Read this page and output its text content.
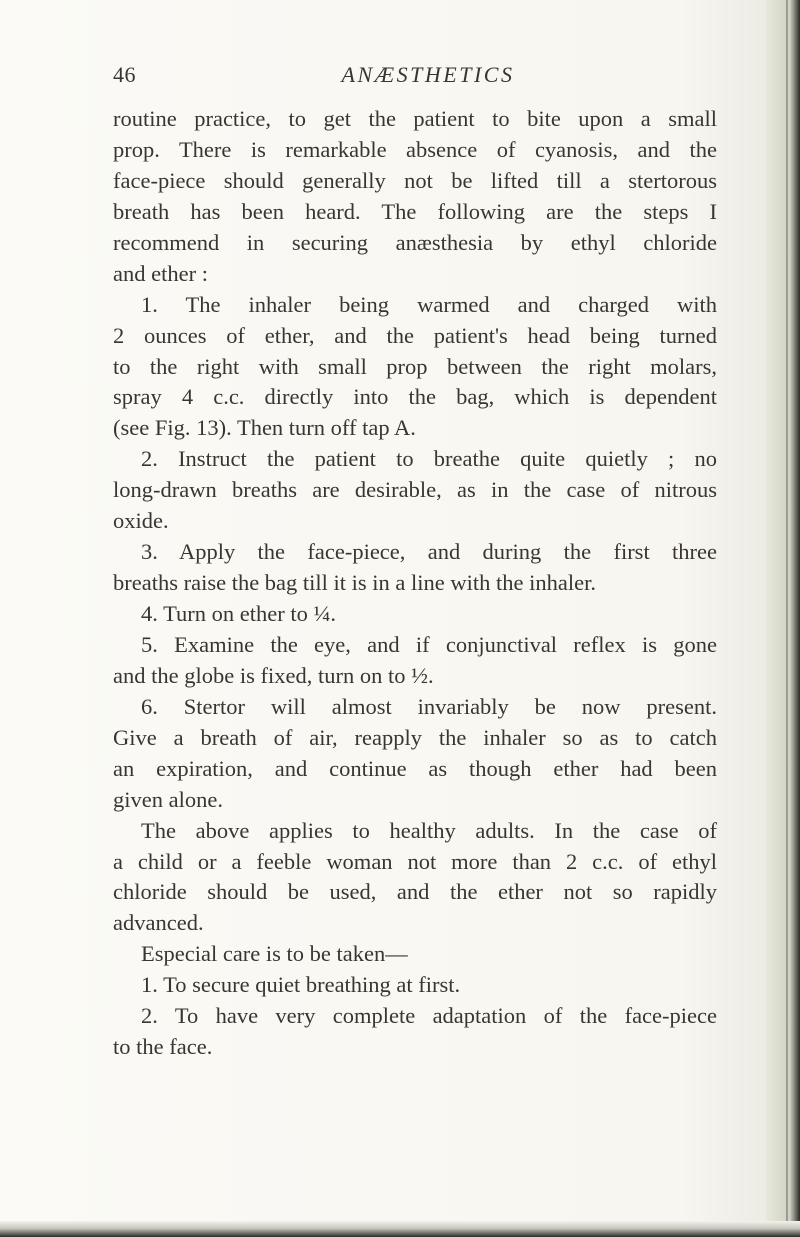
46	ANÆSTHETICS
routine practice, to get the patient to bite upon a small
prop. There is remarkable absence of cyanosis, and the
face-piece should generally not be lifted till a stertorous
breath has been heard. The following are the steps I
recommend in securing anæsthesia by ethyl chloride
and ether :
1. The inhaler being warmed and charged with
2 ounces of ether, and the patient's head being turned
to the right with small prop between the right molars,
spray 4 c.c. directly into the bag, which is dependent
(see Fig. 13). Then turn off tap A.
2. Instruct the patient to breathe quite quietly ; no
long-drawn breaths are desirable, as in the case of nitrous
oxide.
3. Apply the face-piece, and during the first three
breaths raise the bag till it is in a line with the inhaler.
4. Turn on ether to ¼.
5. Examine the eye, and if conjunctival reflex is gone
and the globe is fixed, turn on to ½.
6. Stertor will almost invariably be now present.
Give a breath of air, reapply the inhaler so as to catch
an expiration, and continue as though ether had been
given alone.
The above applies to healthy adults. In the case of
a child or a feeble woman not more than 2 c.c. of ethyl
chloride should be used, and the ether not so rapidly
advanced.
Especial care is to be taken—
1. To secure quiet breathing at first.
2. To have very complete adaptation of the face-piece
to the face.
